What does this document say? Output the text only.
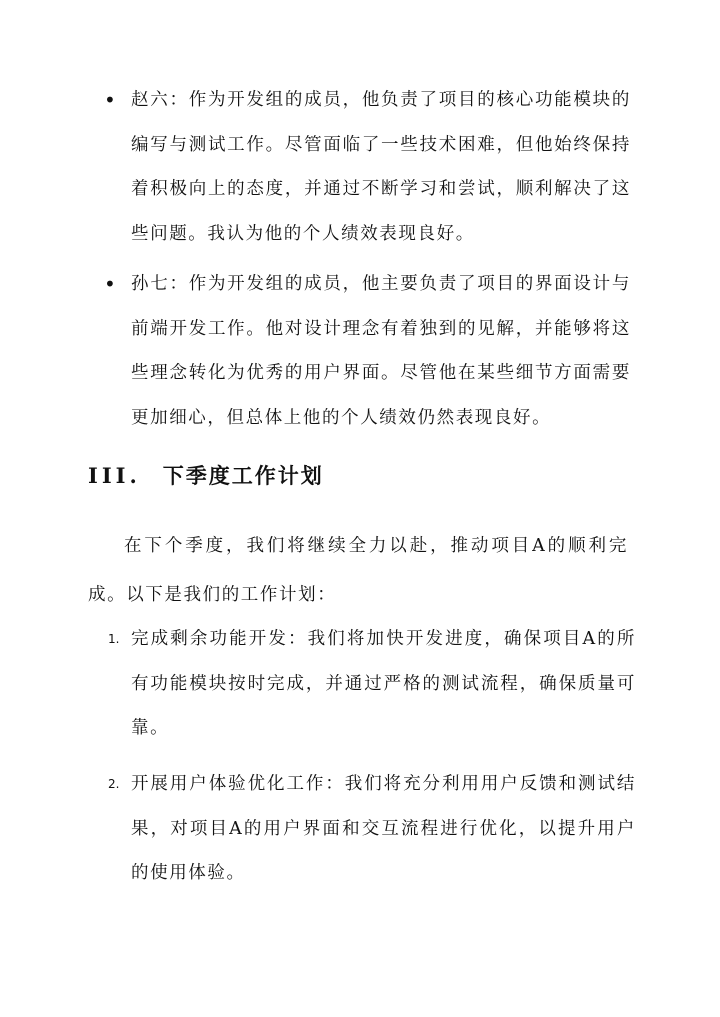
• 赵六：作为开发组的成员，他负责了项目的核心功能模块的编写与测试工作。尽管面临了一些技术困难，但他始终保持着积极向上的态度，并通过不断学习和尝试，顺利解决了这些问题。我认为他的个人绩效表现良好。
• 孙七：作为开发组的成员，他主要负责了项目的界面设计与前端开发工作。他对设计理念有着独到的见解，并能够将这些理念转化为优秀的用户界面。尽管他在某些细节方面需要更加细心，但总体上他的个人绩效仍然表现良好。
III. 下季度工作计划

在下个季度，我们将继续全力以赴，推动项目A的顺利完成。以下是我们的工作计划：

1. 完成剩余功能开发：我们将加快开发进度，确保项目A的所有功能模块按时完成，并通过严格的测试流程，确保质量可靠。
2. 开展用户体验优化工作：我们将充分利用用户反馈和测试结果，对项目A的用户界面和交互流程进行优化，以提升用户的使用体验。
